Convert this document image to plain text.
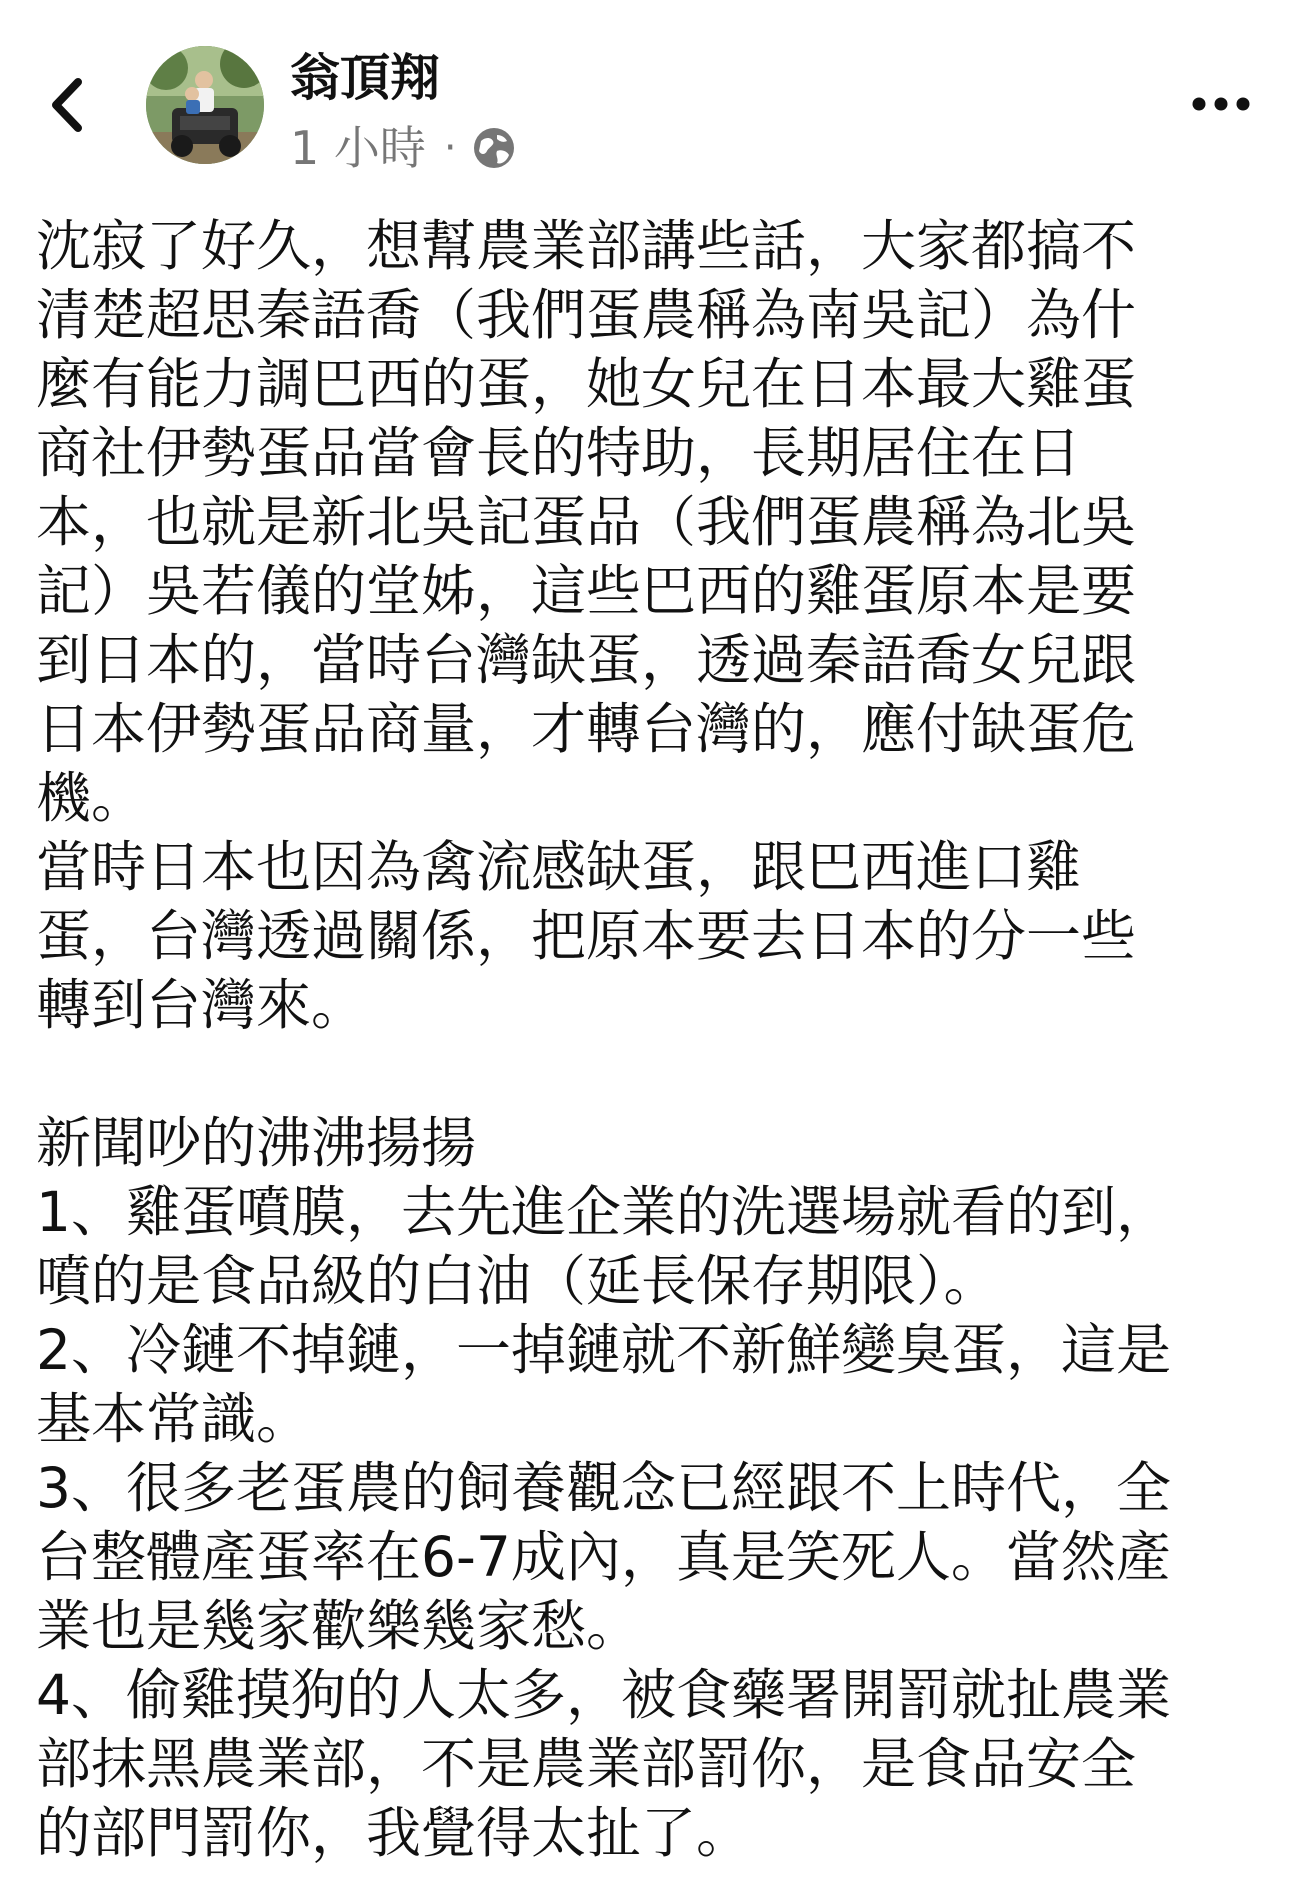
翁頂翔
1 小時 ·
沈寂了好久，想幫農業部講些話，大家都搞不
清楚超思秦語喬（我們蛋農稱為南吳記）為什
麼有能力調巴西的蛋，她女兒在日本最大雞蛋
商社伊勢蛋品當會長的特助，長期居住在日
本，也就是新北吳記蛋品（我們蛋農稱為北吳
記）吳若儀的堂姊，這些巴西的雞蛋原本是要
到日本的，當時台灣缺蛋，透過秦語喬女兒跟
日本伊勢蛋品商量，才轉台灣的，應付缺蛋危
機。
當時日本也因為禽流感缺蛋，跟巴西進口雞
蛋，台灣透過關係，把原本要去日本的分一些
轉到台灣來。
新聞吵的沸沸揚揚
1、雞蛋噴膜，去先進企業的洗選場就看的到，
噴的是食品級的白油（延長保存期限）。
2、冷鏈不掉鏈，一掉鏈就不新鮮變臭蛋，這是
基本常識。
3、很多老蛋農的飼養觀念已經跟不上時代，全
台整體產蛋率在6-7成內，真是笑死人。當然產
業也是幾家歡樂幾家愁。
4、偷雞摸狗的人太多，被食藥署開罰就扯農業
部抹黑農業部，不是農業部罰你，是食品安全
的部門罰你，我覺得太扯了。
